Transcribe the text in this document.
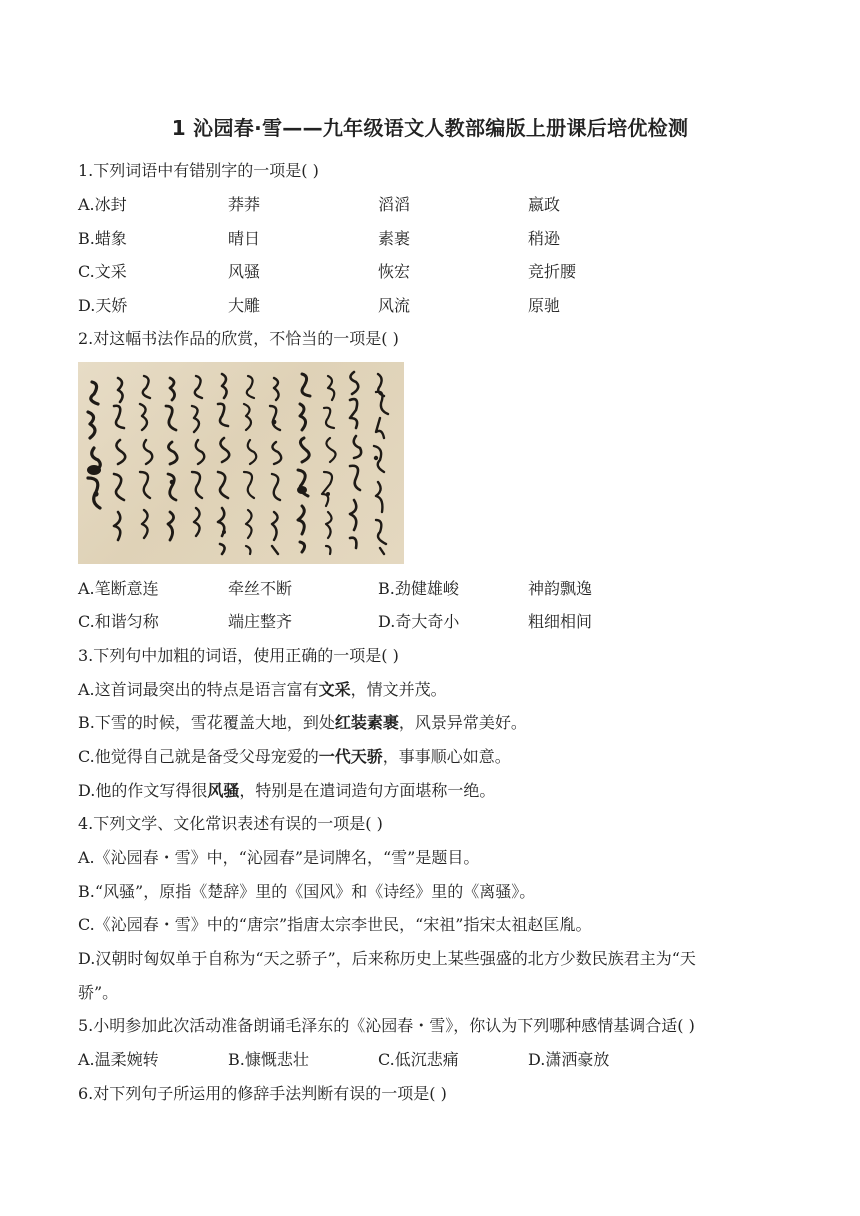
1 沁园春·雪——九年级语文人教部编版上册课后培优检测
1.下列词语中有错别字的一项是( )
A.冰封	莽莽	滔滔	嬴政
B.蜡象	晴日	素裹	稍逊
C.文采	风骚	恢宏	竞折腰
D.天娇	大雕	风流	原驰
2.对这幅书法作品的欣赏，不恰当的一项是( )
A.笔断意连	牵丝不断	B.劲健雄峻	神韵飘逸
C.和谐匀称	端庄整齐	D.奇大奇小	粗细相间
3.下列句中加粗的词语，使用正确的一项是( )
A.这首词最突出的特点是语言富有文采，情文并茂。
B.下雪的时候，雪花覆盖大地，到处红装素裹，风景异常美好。
C.他觉得自己就是备受父母宠爱的一代天骄，事事顺心如意。
D.他的作文写得很风骚，特别是在遣词造句方面堪称一绝。
4.下列文学、文化常识表述有误的一项是( )
A.《沁园春・雪》中，“沁园春”是词牌名，“雪”是题目。
B.“风骚”，原指《楚辞》里的《国风》和《诗经》里的《离骚》。
C.《沁园春・雪》中的“唐宗”指唐太宗李世民，“宋祖”指宋太祖赵匡胤。
D.汉朝时匈奴单于自称为“天之骄子”，后来称历史上某些强盛的北方少数民族君主为“天
骄”。
5.小明参加此次活动准备朗诵毛泽东的《沁园春・雪》，你认为下列哪种感情基调合适( )
A.温柔婉转	B.慷慨悲壮	C.低沉悲痛	D.潇洒豪放
6.对下列句子所运用的修辞手法判断有误的一项是( )
